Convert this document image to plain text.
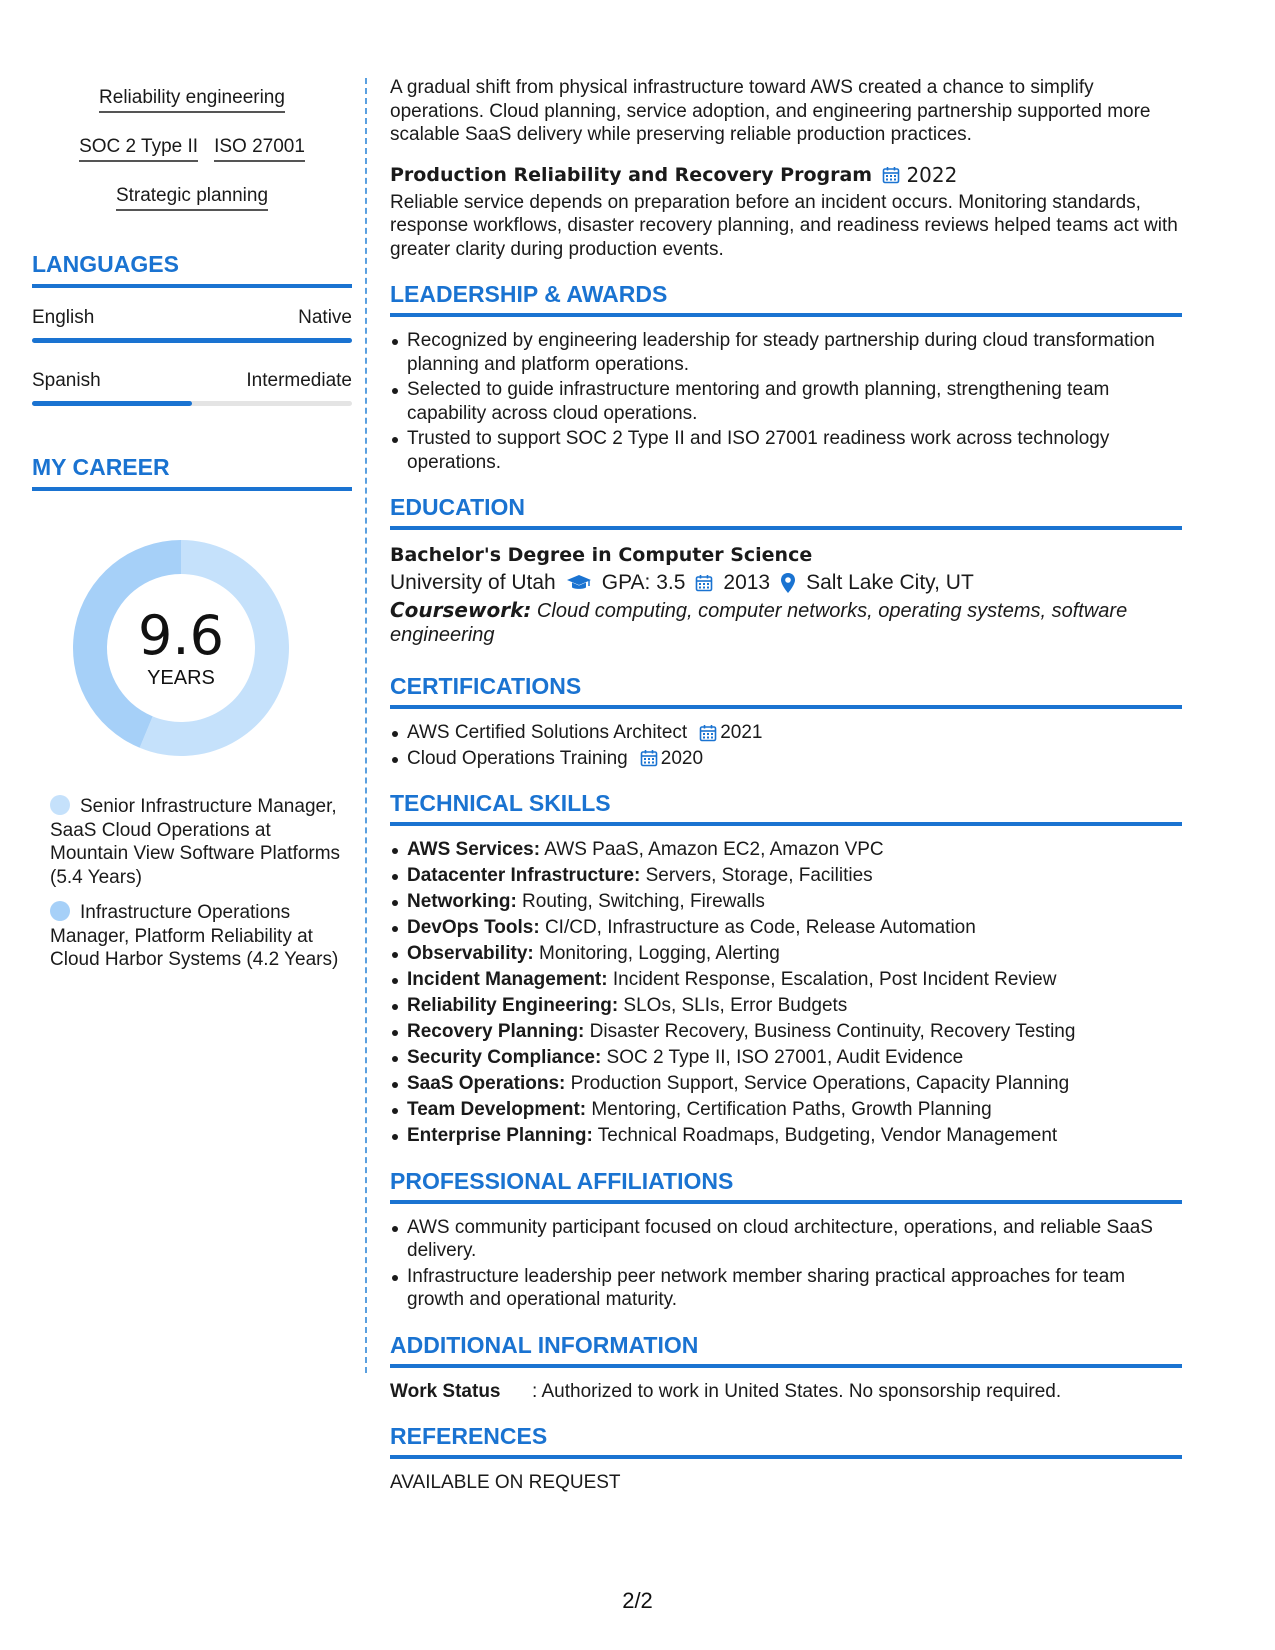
Reliability engineering
SOC 2 Type II ISO 27001
Strategic planning
LANGUAGES
English	Native
Spanish	Intermediate
MY CAREER
9.6
YEARS
Senior Infrastructure Manager, SaaS Cloud Operations at Mountain View Software Platforms (5.4 Years)
Infrastructure Operations Manager, Platform Reliability at Cloud Harbor Systems (4.2 Years)

A gradual shift from physical infrastructure toward AWS created a chance to simplify operations. Cloud planning, service adoption, and engineering partnership supported more scalable SaaS delivery while preserving reliable production practices.

Production Reliability and Recovery Program	2022

Reliable service depends on preparation before an incident occurs. Monitoring standards, response workflows, disaster recovery planning, and readiness reviews helped teams act with greater clarity during production events.

LEADERSHIP & AWARDS
Recognized by engineering leadership for steady partnership during cloud transformation planning and platform operations.
Selected to guide infrastructure mentoring and growth planning, strengthening team capability across cloud operations.
Trusted to support SOC 2 Type II and ISO 27001 readiness work across technology operations.
EDUCATION
Bachelor's Degree in Computer Science
University of Utah GPA: 3.5 2013 Salt Lake City, UT
Coursework: Cloud computing, computer networks, operating systems, software engineering
CERTIFICATIONS
AWS Certified Solutions Architect 2021
Cloud Operations Training 2020
TECHNICAL SKILLS
AWS Services: AWS PaaS, Amazon EC2, Amazon VPC
Datacenter Infrastructure: Servers, Storage, Facilities
Networking: Routing, Switching, Firewalls
DevOps Tools: CI/CD, Infrastructure as Code, Release Automation
Observability: Monitoring, Logging, Alerting
Incident Management: Incident Response, Escalation, Post Incident Review
Reliability Engineering: SLOs, SLIs, Error Budgets
Recovery Planning: Disaster Recovery, Business Continuity, Recovery Testing
Security Compliance: SOC 2 Type II, ISO 27001, Audit Evidence
SaaS Operations: Production Support, Service Operations, Capacity Planning
Team Development: Mentoring, Certification Paths, Growth Planning
Enterprise Planning: Technical Roadmaps, Budgeting, Vendor Management
PROFESSIONAL AFFILIATIONS
AWS community participant focused on cloud architecture, operations, and reliable SaaS delivery.
Infrastructure leadership peer network member sharing practical approaches for team growth and operational maturity.
ADDITIONAL INFORMATION
Work Status	: Authorized to work in United States. No sponsorship required.
REFERENCES
AVAILABLE ON REQUEST
2/2
